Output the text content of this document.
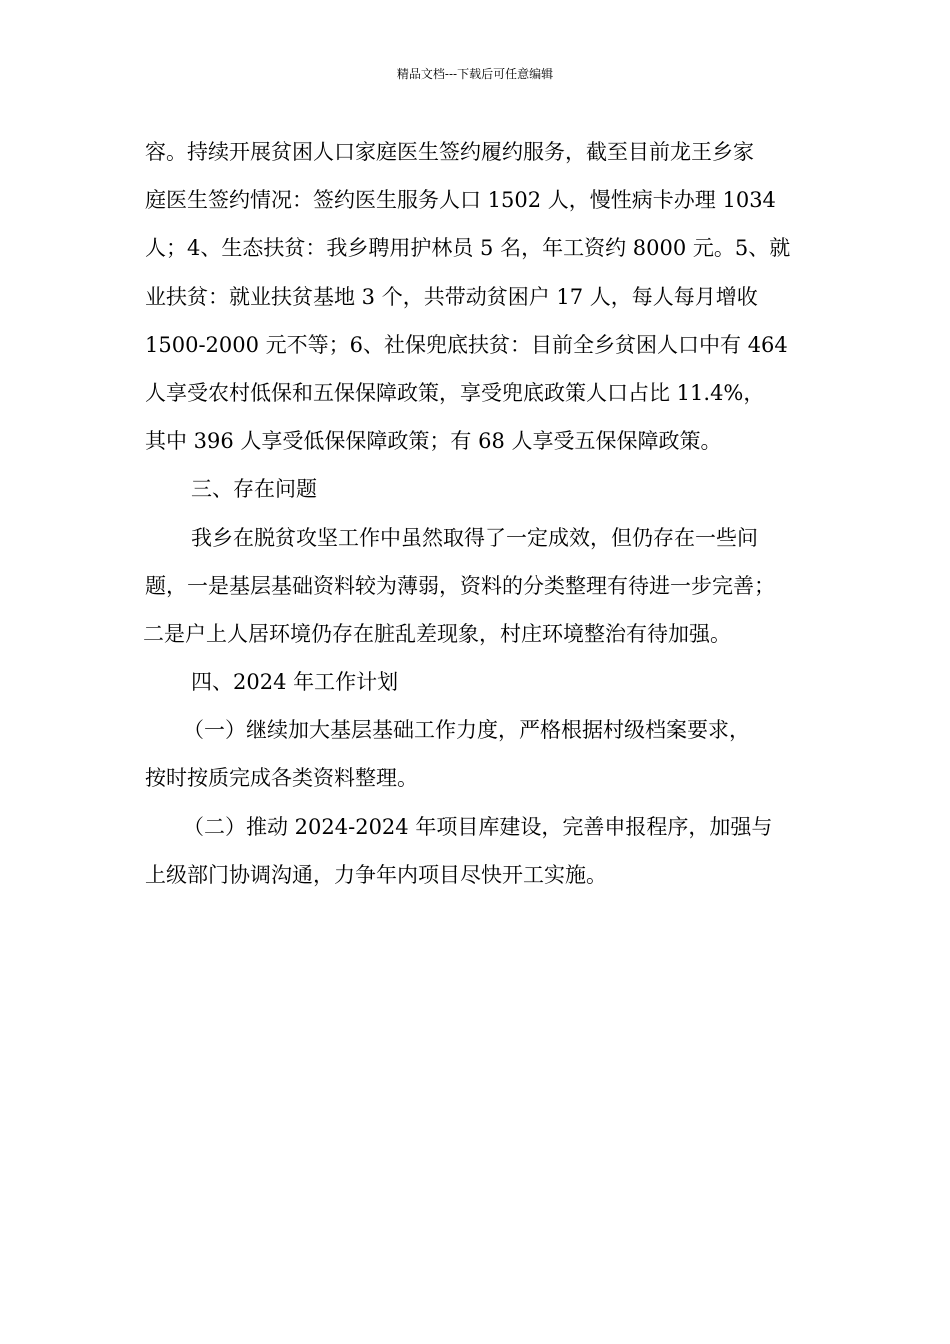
精品文档---下载后可任意编辑
容。持续开展贫困人口家庭医生签约履约服务，截至目前龙王乡家
庭医生签约情况：签约医生服务人口 1502 人，慢性病卡办理 1034
人；4、生态扶贫：我乡聘用护林员 5 名，年工资约 8000 元。5、就
业扶贫：就业扶贫基地 3 个，共带动贫困户 17 人，每人每月增收
1500-2000 元不等；6、社保兜底扶贫：目前全乡贫困人口中有 464
人享受农村低保和五保保障政策，享受兜底政策人口占比 11.4%，
其中 396 人享受低保保障政策；有 68 人享受五保保障政策。
三、存在问题
我乡在脱贫攻坚工作中虽然取得了一定成效，但仍存在一些问
题，一是基层基础资料较为薄弱，资料的分类整理有待进一步完善；
二是户上人居环境仍存在脏乱差现象，村庄环境整治有待加强。
四、2024 年工作计划
（一）继续加大基层基础工作力度，严格根据村级档案要求，
按时按质完成各类资料整理。
（二）推动 2024-2024 年项目库建设，完善申报程序，加强与
上级部门协调沟通，力争年内项目尽快开工实施。
